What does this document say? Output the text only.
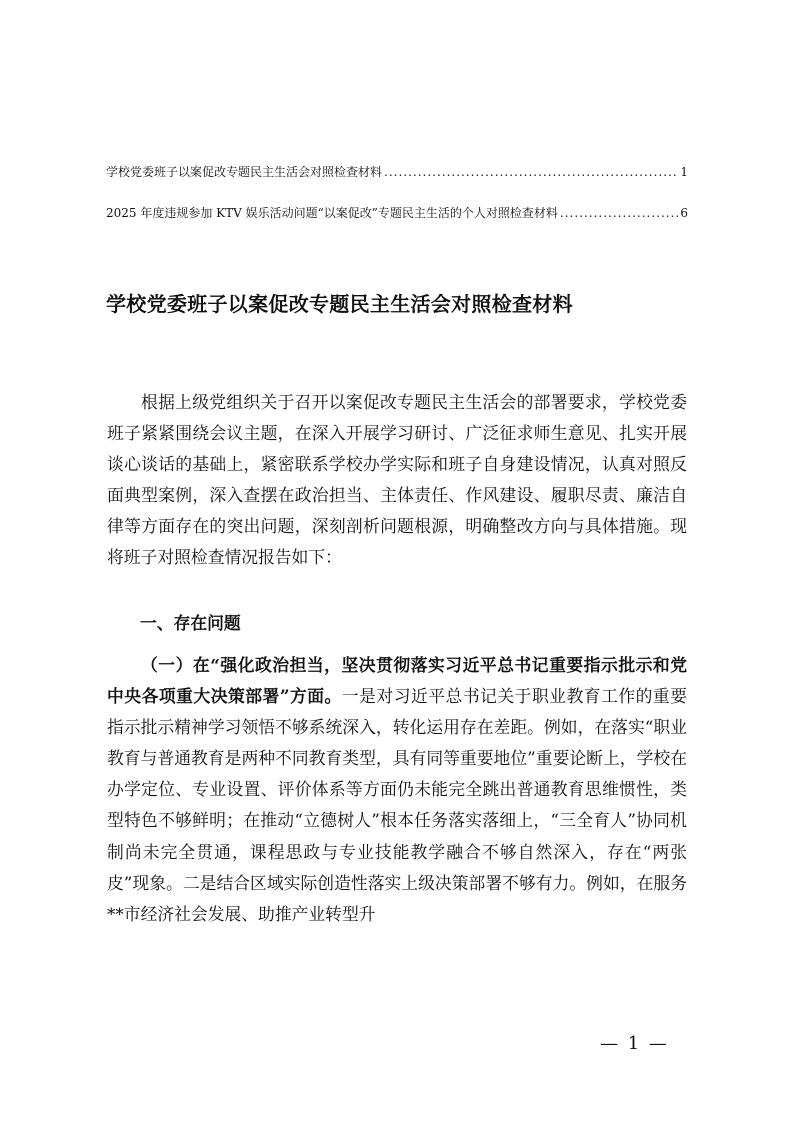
学校党委班子以案促改专题民主生活会对照检查材料 .....	1
2025 年度违规参加 KTV 娱乐活动问题“以案促改”专题民主生活的个人对照检查材料 .....	6
学校党委班子以案促改专题民主生活会对照检查材料

根据上级党组织关于召开以案促改专题民主生活会的部署要求，学校党委班子紧紧围绕会议主题，在深入开展学习研讨、广泛征求师生意见、扎实开展谈心谈话的基础上，紧密联系学校办学实际和班子自身建设情况，认真对照反面典型案例，深入查摆在政治担当、主体责任、作风建设、履职尽责、廉洁自律等方面存在的突出问题，深刻剖析问题根源，明确整改方向与具体措施。现将班子对照检查情况报告如下：

一、存在问题

（一）在“强化政治担当，坚决贯彻落实习近平总书记重要指示批示和党中央各项重大决策部署”方面。一是对习近平总书记关于职业教育工作的重要指示批示精神学习领悟不够系统深入，转化运用存在差距。例如，在落实“职业教育与普通教育是两种不同教育类型，具有同等重要地位”重要论断上，学校在办学定位、专业设置、评价体系等方面仍未能完全跳出普通教育思维惯性，类型特色不够鲜明；在推动“立德树人”根本任务落实落细上，“三全育人”协同机制尚未完全贯通，课程思政与专业技能教学融合不够自然深入，存在“两张皮”现象。二是结合区域实际创造性落实上级决策部署不够有力。例如，在服务**市经济社会发展、助推产业转型升

— 1 —
